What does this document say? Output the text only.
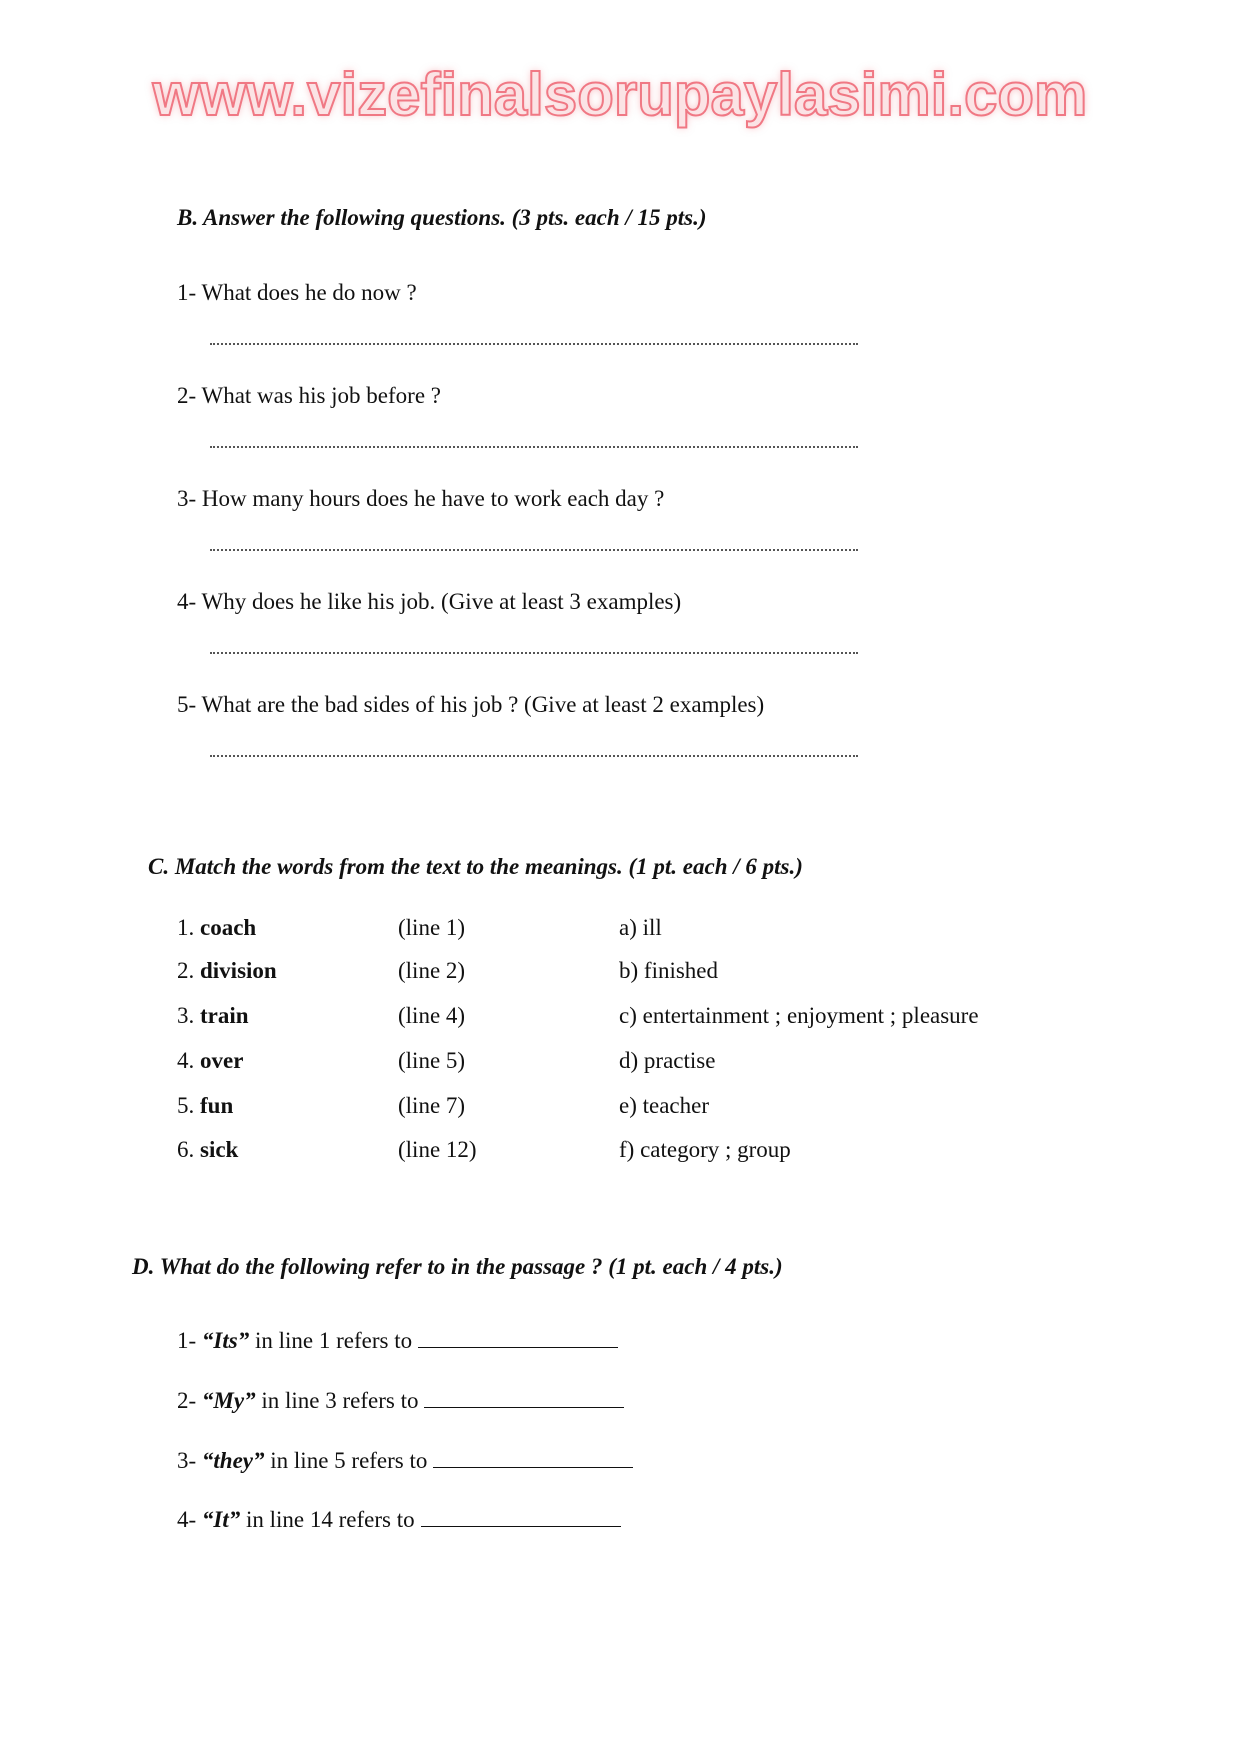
www.vizefinalsorupaylasimi.com
B. Answer the following questions. (3 pts. each / 15 pts.)
1- What does he do now ?
2- What was his job before ?
3- How many hours does he have to work each day ?
4- Why does he like his job. (Give at least 3 examples)
5- What are the bad sides of his job ? (Give at least 2 examples)
C. Match the words from the text to the meanings. (1 pt. each / 6 pts.)
1. coach	(line 1)	a) ill
2. division	(line 2)	b) finished
3. train	(line 4)	c) entertainment ; enjoyment ; pleasure
4. over	(line 5)	d) practise
5. fun	(line 7)	e) teacher
6. sick	(line 12)	f) category ; group
D. What do the following refer to in the passage ? (1 pt. each / 4 pts.)
1- “Its” in line 1 refers to
2- “My” in line 3 refers to
3- “they” in line 5 refers to
4- “It” in line 14 refers to
